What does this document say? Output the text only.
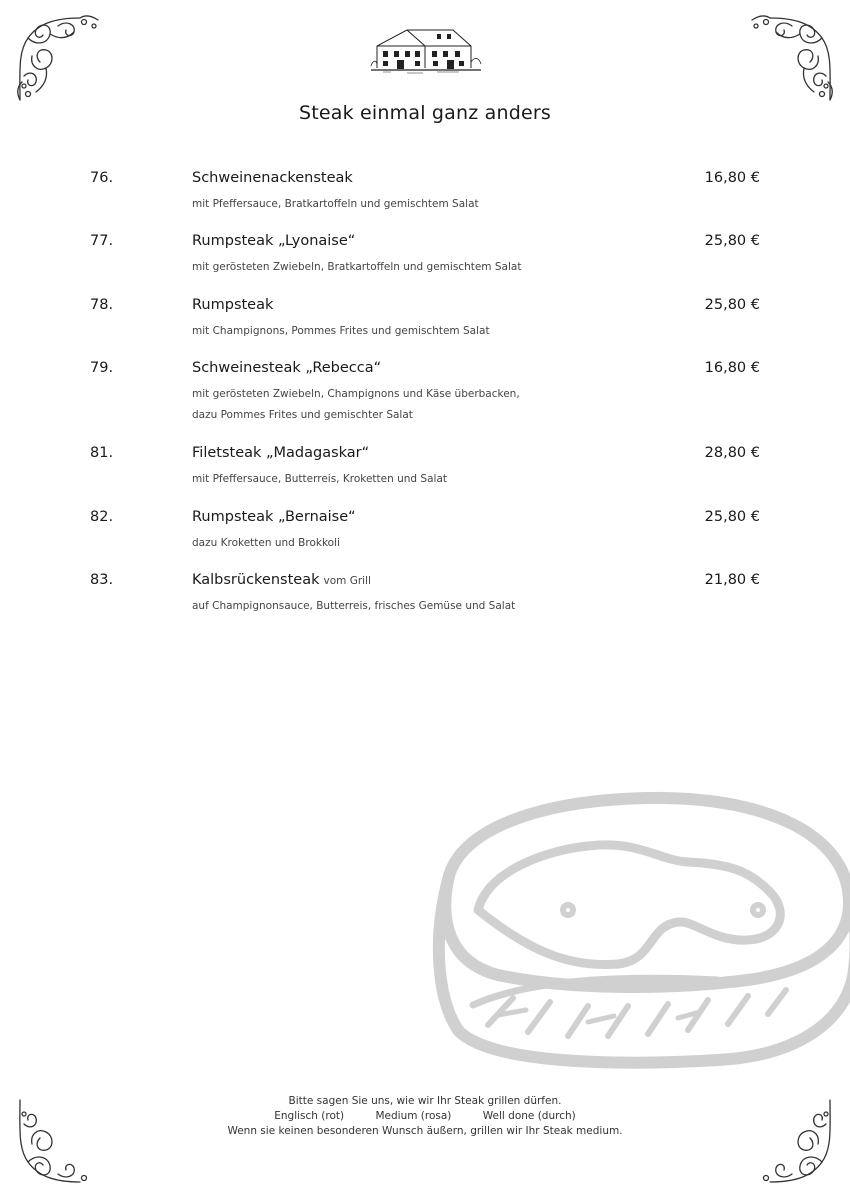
Steak einmal ganz anders
76.	Schweinenackensteak	16,80 €
mit Pfeffersauce, Bratkartoffeln und gemischtem Salat
77.	Rumpsteak „Lyonaise“	25,80 €
mit gerösteten Zwiebeln, Bratkartoffeln und gemischtem Salat
78.	Rumpsteak	25,80 €
mit Champignons, Pommes Frites und gemischtem Salat
79.	Schweinesteak „Rebecca“	16,80 €
mit gerösteten Zwiebeln, Champignons und Käse überbacken,
dazu Pommes Frites und gemischter Salat
81.	Filetsteak „Madagaskar“	28,80 €
mit Pfeffersauce, Butterreis, Kroketten und Salat
82.	Rumpsteak „Bernaise“	25,80 €
dazu Kroketten und Brokkoli
83.	Kalbsrückensteak vom Grill	21,80 €
auf Champignonsauce, Butterreis, frisches Gemüse und Salat
Bitte sagen Sie uns, wie wir Ihr Steak grillen dürfen.
Englisch (rot)	Medium (rosa)	Well done (durch)
Wenn sie keinen besonderen Wunsch äußern, grillen wir Ihr Steak medium.
